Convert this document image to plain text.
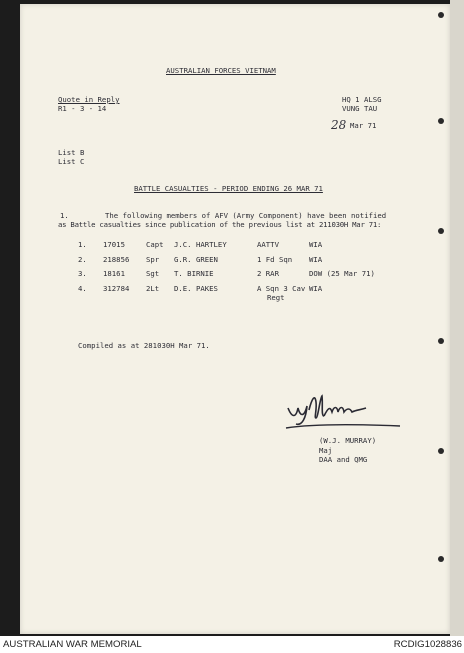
AUSTRALIAN FORCES VIETNAM
Quote in Reply
R1 - 3 - 14
HQ 1 ALSG
VUNG TAU
28 Mar 71
List B
List C
BATTLE CASUALTIES - PERIOD ENDING 26 MAR 71
1.	The following members of AFV (Army Component) have been notified
as Battle casualties since publication of the previous list at 211030H Mar 71:
1. 17015	Capt J.C. HARTLEY	AATTV	WIA
2. 218856 Spr G.R. GREEN	1 Fd Sqn WIA
3. 18161	Sgt T. BIRNIE	2 RAR	DOW (25 Mar 71)
4. 312784 2Lt D.E. PAKES	A Sqn 3 Cav WIA
Regt
Compiled as at 281030H Mar 71.
(W.J. MURRAY)
Maj
DAA and QMG
AUSTRALIAN WAR MEMORIAL	RCDIG1028836
